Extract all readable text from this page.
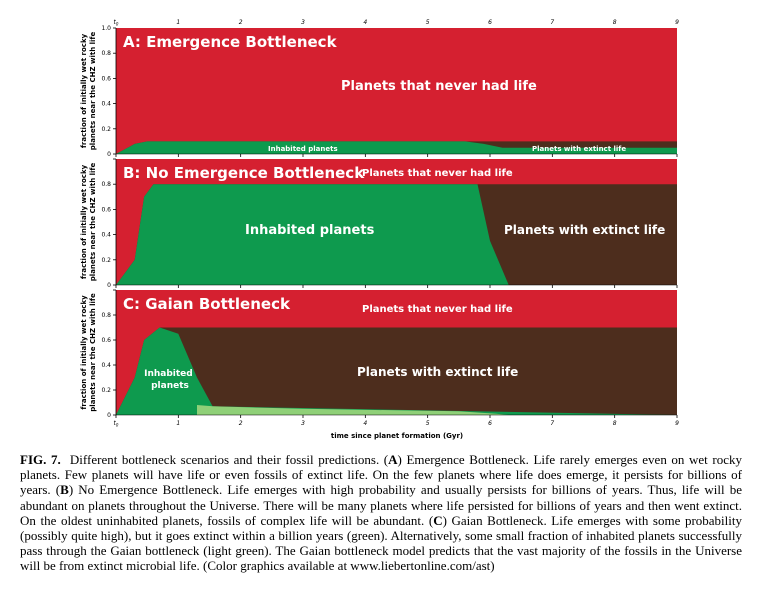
$t_0$	1	2	3	4	5	6	7	8	9
A: Emergence Bottleneck
Planets that never had life
Inhabited planets	Planets with extinct life
B: No Emergence Bottleneck
Planets that never had life
Inhabited planets	Planets with extinct life
C: Gaian Bottleneck	Planets that never had life
Inhabited planets
Planets with extinct life
0
0.2
0.4
0.6
0.8
1.0
fraction of initially wet rockyplanets near the CHZ with life
0
0.2
0.4
0.6
0.8
fraction of initially wet rockyplanets near the CHZ with life
0
0.2
0.4
0.6
0.8
fraction of initially wet rockyplanets near the CHZ with life
$t_0$	1	2	3	4	5	6	7	8	9
time since planet formation (Gyr)

FIG. 7. Different bottleneck scenarios and their fossil predictions. (A) Emergence Bottleneck. Life rarely emerges even on wet rocky planets. Few planets will have life or even fossils of extinct life. On the few planets where life does emerge, it persists for billions of years. (B) No Emergence Bottleneck. Life emerges with high probability and usually persists for billions of years. Thus, life will be abundant on planets throughout the Universe. There will be many planets where life persisted for billions of years and then went extinct. On the oldest uninhabited planets, fossils of complex life will be abundant. (C) Gaian Bottleneck. Life emerges with some probability (possibly quite high), but it goes extinct within a billion years (green). Alternatively, some small fraction of inhabited planets successfully pass through the Gaian bottleneck (light green). The Gaian bottleneck model predicts that the vast majority of the fossils in the Universe will be from extinct microbial life. (Color graphics available at www.liebertonline.com/ast)
